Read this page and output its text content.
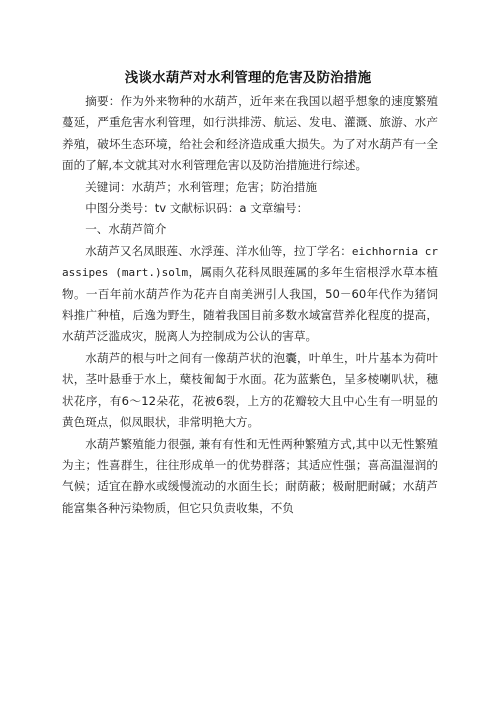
浅谈水葫芦对水利管理的危害及防治措施

摘要：作为外来物种的水葫芦，近年来在我国以超乎想象的速度繁殖蔓延，严重危害水利管理，如行洪排涝、航运、发电、灌溉、旅游、水产养殖，破坏生态环境，给社会和经济造成重大损失。为了对水葫芦有一全面的了解,本文就其对水利管理危害以及防治措施进行综述。

关键词：水葫芦；水利管理；危害；防治措施

中图分类号：tv 文献标识码：a 文章编号：

一、水葫芦简介

水葫芦又名凤眼莲、水浮莲、洋水仙等，拉丁学名：eichhornia crassipes (mart.)solm，属雨久花科凤眼莲属的多年生宿根浮水草本植物。一百年前水葫芦作为花卉自南美洲引人我国，50－60年代作为猪饲料推广种植，后逸为野生，随着我国目前多数水域富营养化程度的提高，水葫芦泛滥成灾，脱离人为控制成为公认的害草。

水葫芦的根与叶之间有一像葫芦状的泡囊，叶单生，叶片基本为荷叶状，茎叶悬垂于水上，蘖枝匍匐于水面。花为蓝紫色，呈多棱喇叭状，穗状花序，有6～12朵花，花被6裂，上方的花瓣较大且中心生有一明显的黄色斑点，似凤眼状，非常明艳大方。

水葫芦繁殖能力很强, 兼有有性和无性两种繁殖方式,其中以无性繁殖为主；性喜群生，往往形成单一的优势群落；其适应性强；喜高温湿润的气候；适宜在静水或缓慢流动的水面生长；耐荫蔽；极耐肥耐碱；水葫芦能富集各种污染物质，但它只负责收集，不负
